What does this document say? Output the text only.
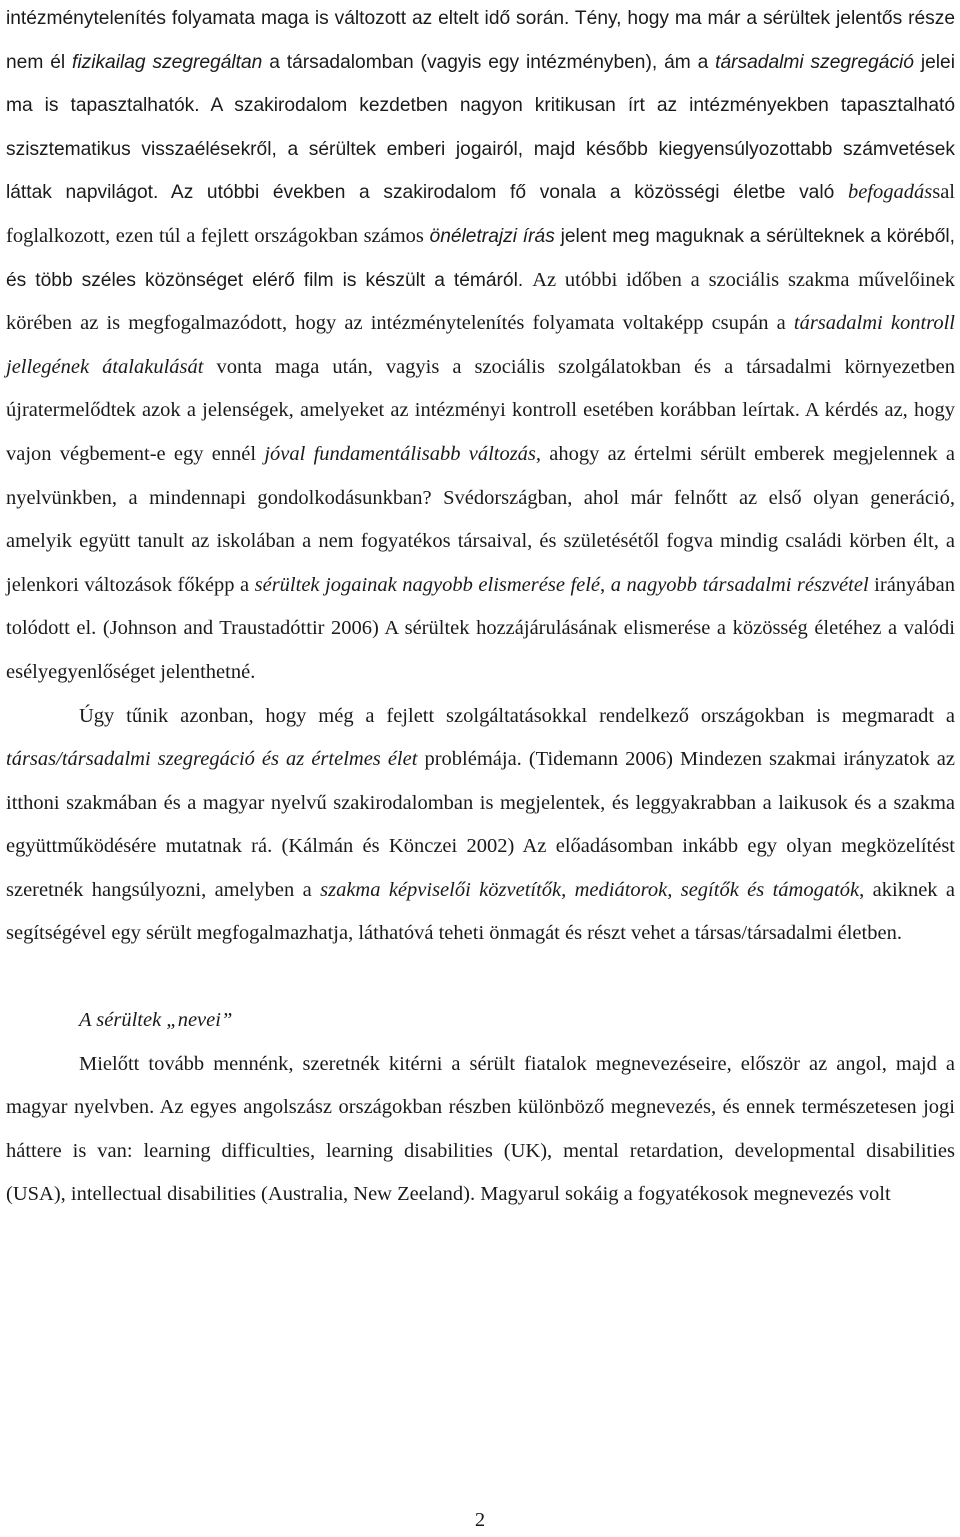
intézménytelenítés folyamata maga is változott az eltelt idő során. Tény, hogy ma már a sérültek jelentős része nem él fizikailag szegregáltan a társadalomban (vagyis egy intézményben), ám a társadalmi szegregáció jelei ma is tapasztalhatók. A szakirodalom kezdetben nagyon kritikusan írt az intézményekben tapasztalható szisztematikus visszaélésekről, a sérültek emberi jogairól, majd később kiegyensúlyozottabb számvetések láttak napvilágot. Az utóbbi években a szakirodalom fő vonala a közösségi életbe való befogadással foglalkozott, ezen túl a fejlett országokban számos önéletrajzi írás jelent meg maguknak a sérülteknek a köréből, és több széles közönséget elérő film is készült a témáról. Az utóbbi időben a szociális szakma művelőinek körében az is megfogalmazódott, hogy az intézménytelenítés folyamata voltaképp csupán a társadalmi kontroll jellegének átalakulását vonta maga után, vagyis a szociális szolgálatokban és a társadalmi környezetben újratermelődtek azok a jelenségek, amelyeket az intézményi kontroll esetében korábban leírtak. A kérdés az, hogy vajon végbement-e egy ennél jóval fundamentálisabb változás, ahogy az értelmi sérült emberek megjelennek a nyelvünkben, a mindennapi gondolkodásunkban? Svédországban, ahol már felnőtt az első olyan generáció, amelyik együtt tanult az iskolában a nem fogyatékos társaival, és születésétől fogva mindig családi körben élt, a jelenkori változások főképp a sérültek jogainak nagyobb elismerése felé, a nagyobb társadalmi részvétel irányában tolódott el. (Johnson and Traustadóttir 2006) A sérültek hozzájárulásának elismerése a közösség életéhez a valódi esélyegyenlőséget jelenthetné.

Úgy tűnik azonban, hogy még a fejlett szolgáltatásokkal rendelkező országokban is megmaradt a társas/társadalmi szegregáció és az értelmes élet problémája. (Tidemann 2006) Mindezen szakmai irányzatok az itthoni szakmában és a magyar nyelvű szakirodalomban is megjelentek, és leggyakrabban a laikusok és a szakma együttműködésére mutatnak rá. (Kálmán és Könczei 2002) Az előadásomban inkább egy olyan megközelítést szeretnék hangsúlyozni, amelyben a szakma képviselői közvetítők, mediátorok, segítők és támogatók, akiknek a segítségével egy sérült megfogalmazhatja, láthatóvá teheti önmagát és részt vehet a társas/társadalmi életben.

A sérültek „nevei”

Mielőtt tovább mennénk, szeretnék kitérni a sérült fiatalok megnevezéseire, először az angol, majd a magyar nyelvben. Az egyes angolszász országokban részben különböző megnevezés, és ennek természetesen jogi háttere is van: learning difficulties, learning disabilities (UK), mental retardation, developmental disabilities (USA), intellectual disabilities (Australia, New Zeeland). Magyarul sokáig a fogyatékosok megnevezés volt

2
